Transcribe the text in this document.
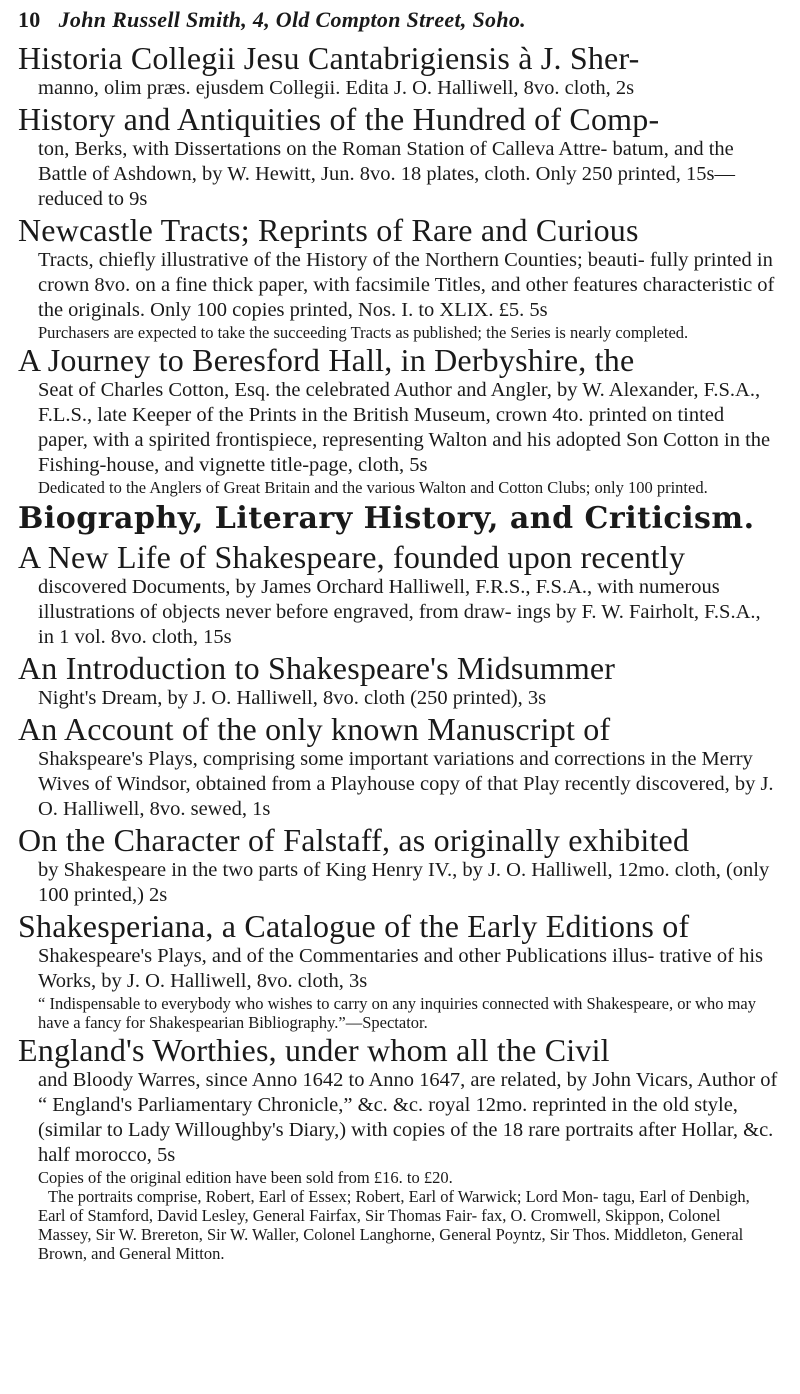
10 John Russell Smith, 4, Old Compton Street, Soho.

Historia Collegii Jesu Cantabrigiensis à J. Sher-

manno, olim præs. ejusdem Collegii. Edita J. O. Halliwell, 8vo. cloth, 2s

History and Antiquities of the Hundred of Comp-

ton, Berks, with Dissertations on the Roman Station of Calleva Attre- batum, and the Battle of Ashdown, by W. Hewitt, Jun. 8vo. 18 plates, cloth. Only 250 printed, 15s—reduced to 9s

Newcastle Tracts; Reprints of Rare and Curious

Tracts, chiefly illustrative of the History of the Northern Counties; beauti- fully printed in crown 8vo. on a fine thick paper, with facsimile Titles, and other features characteristic of the originals. Only 100 copies printed, Nos. I. to XLIX. £5. 5s

Purchasers are expected to take the succeeding Tracts as published; the Series is nearly completed.

A Journey to Beresford Hall, in Derbyshire, the

Seat of Charles Cotton, Esq. the celebrated Author and Angler, by W. Alexander, F.S.A., F.L.S., late Keeper of the Prints in the British Museum, crown 4to. printed on tinted paper, with a spirited frontispiece, representing Walton and his adopted Son Cotton in the Fishing-house, and vignette title-page, cloth, 5s

Dedicated to the Anglers of Great Britain and the various Walton and Cotton Clubs; only 100 printed.

Biography, Literary History, and Criticism.

A New Life of Shakespeare, founded upon recently

discovered Documents, by James Orchard Halliwell, F.R.S., F.S.A., with numerous illustrations of objects never before engraved, from draw- ings by F. W. Fairholt, F.S.A., in 1 vol. 8vo. cloth, 15s

An Introduction to Shakespeare's Midsummer

Night's Dream, by J. O. Halliwell, 8vo. cloth (250 printed), 3s

An Account of the only known Manuscript of

Shakspeare's Plays, comprising some important variations and corrections in the Merry Wives of Windsor, obtained from a Playhouse copy of that Play recently discovered, by J. O. Halliwell, 8vo. sewed, 1s

On the Character of Falstaff, as originally exhibited

by Shakespeare in the two parts of King Henry IV., by J. O. Halliwell, 12mo. cloth, (only 100 printed,) 2s

Shakesperiana, a Catalogue of the Early Editions of

Shakespeare's Plays, and of the Commentaries and other Publications illus- trative of his Works, by J. O. Halliwell, 8vo. cloth, 3s

“ Indispensable to everybody who wishes to carry on any inquiries connected with Shakespeare, or who may have a fancy for Shakespearian Bibliography.”—Spectator.

England's Worthies, under whom all the Civil

and Bloody Warres, since Anno 1642 to Anno 1647, are related, by John Vicars, Author of “ England's Parliamentary Chronicle,” &c. &c. royal 12mo. reprinted in the old style, (similar to Lady Willoughby's Diary,) with copies of the 18 rare portraits after Hollar, &c. half morocco, 5s

Copies of the original edition have been sold from £16. to £20.

The portraits comprise, Robert, Earl of Essex; Robert, Earl of Warwick; Lord Mon- tagu, Earl of Denbigh, Earl of Stamford, David Lesley, General Fairfax, Sir Thomas Fair- fax, O. Cromwell, Skippon, Colonel Massey, Sir W. Brereton, Sir W. Waller, Colonel Langhorne, General Poyntz, Sir Thos. Middleton, General Brown, and General Mitton.
